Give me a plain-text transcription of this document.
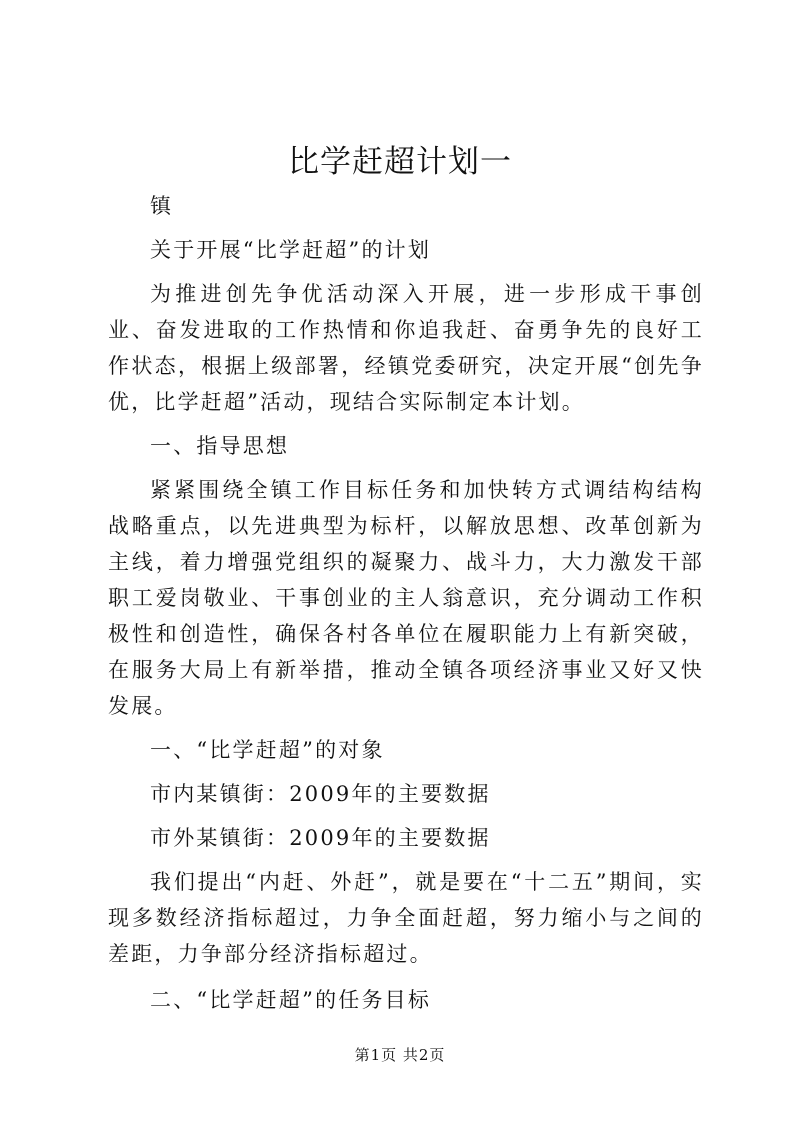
比学赶超计划一

镇

关于开展“比学赶超”的计划

为推进创先争优活动深入开展，进一步形成干事创业、奋发进取的工作热情和你追我赶、奋勇争先的良好工作状态，根据上级部署，经镇党委研究，决定开展“创先争优，比学赶超”活动，现结合实际制定本计划。

一、指导思想

紧紧围绕全镇工作目标任务和加快转方式调结构结构战略重点，以先进典型为标杆，以解放思想、改革创新为主线，着力增强党组织的凝聚力、战斗力，大力激发干部职工爱岗敬业、干事创业的主人翁意识，充分调动工作积极性和创造性，确保各村各单位在履职能力上有新突破，在服务大局上有新举措，推动全镇各项经济事业又好又快发展。

一、“比学赶超”的对象

市内某镇街：2009年的主要数据

市外某镇街：2009年的主要数据

我们提出“内赶、外赶”，就是要在“十二五”期间，实现多数经济指标超过，力争全面赶超，努力缩小与之间的差距，力争部分经济指标超过。

二、“比学赶超”的任务目标

第1页 共2页
